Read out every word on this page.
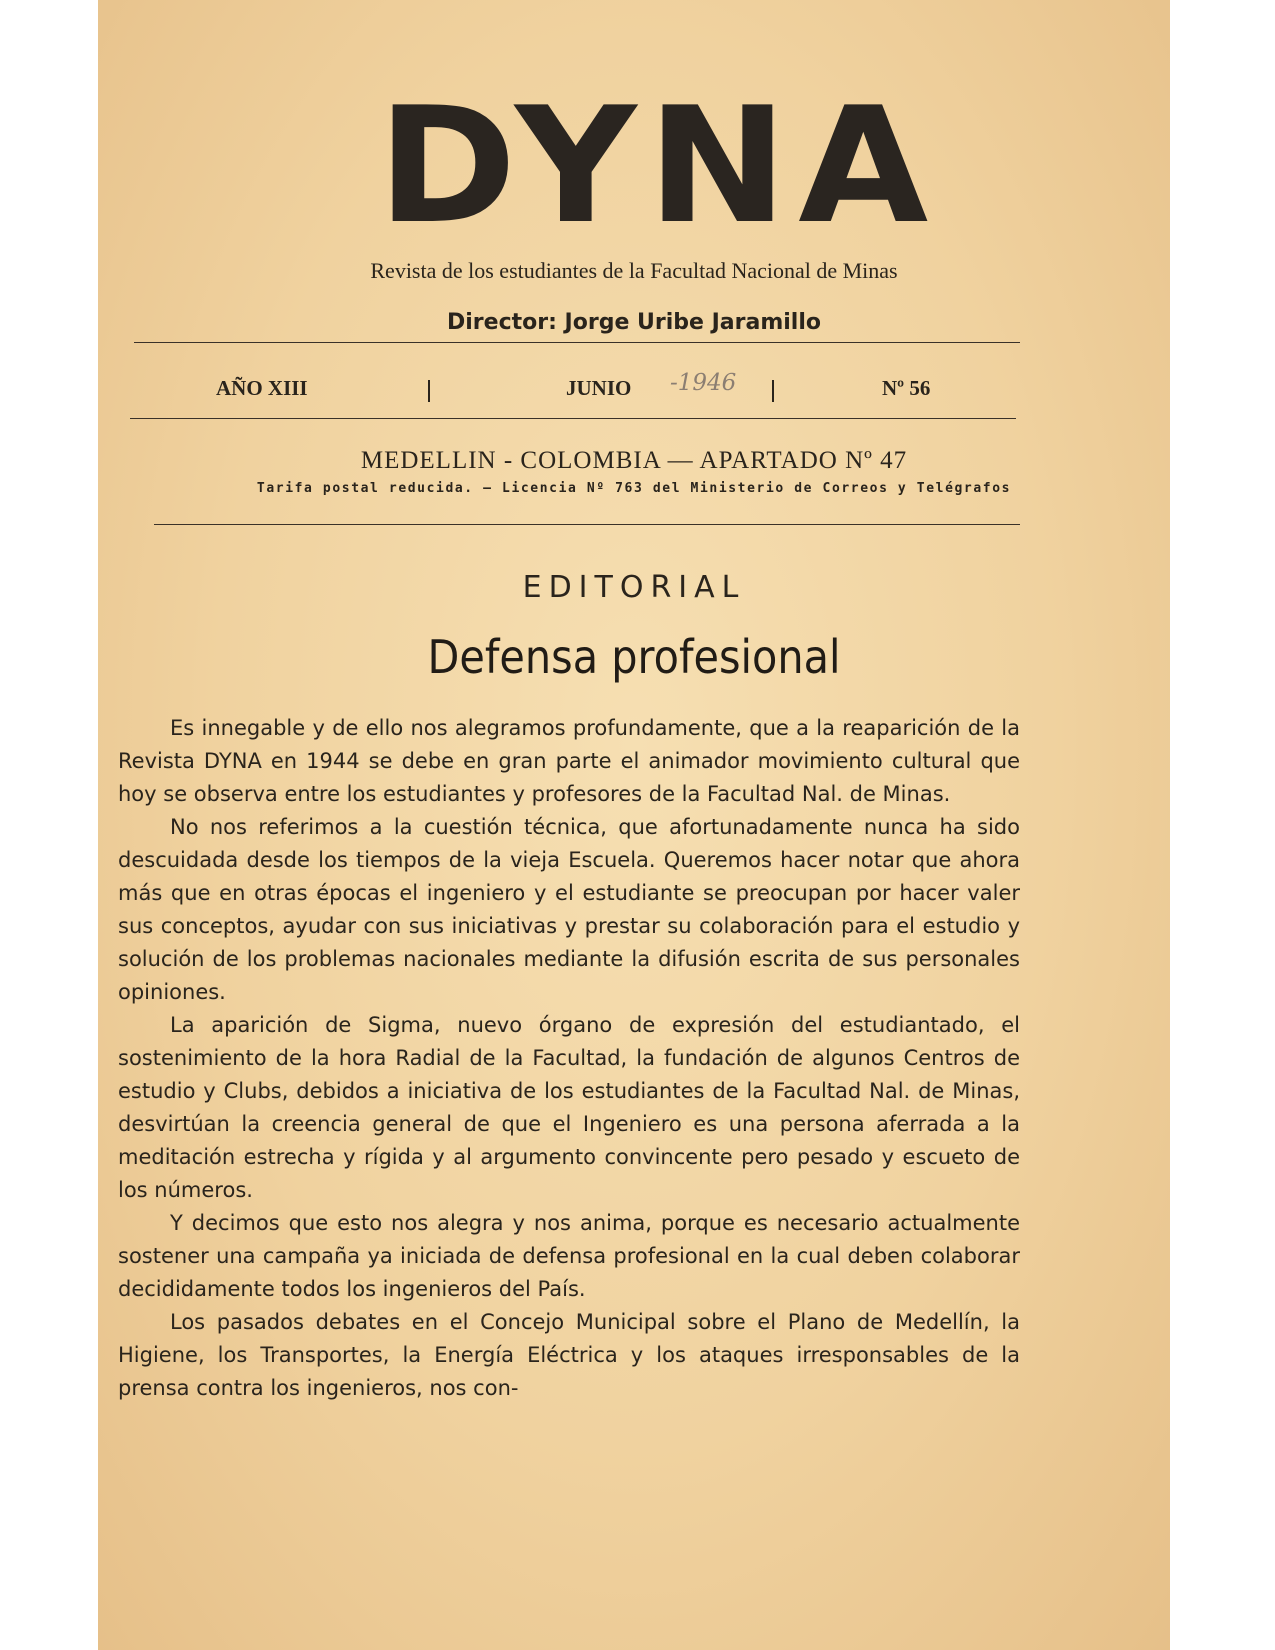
DYNA
Revista de los estudiantes de la Facultad Nacional de Minas
Director: Jorge Uribe Jaramillo
AÑO XIII	JUNIO -1946	Nº 56
MEDELLIN - COLOMBIA — APARTADO Nº 47
Tarifa postal reducida. — Licencia Nº 763 del Ministerio de Correos y Telégrafos
EDITORIAL
Defensa profesional

Es innegable y de ello nos alegramos profundamente, que a la reaparición de la Revista DYNA en 1944 se debe en gran parte el animador movimiento cultural que hoy se observa entre los estudiantes y profesores de la Facultad Nal. de Minas.

No nos referimos a la cuestión técnica, que afortunadamente nunca ha sido descuidada desde los tiempos de la vieja Escuela. Queremos hacer notar que ahora más que en otras épocas el ingeniero y el estudiante se preocupan por hacer valer sus conceptos, ayudar con sus iniciativas y prestar su colaboración para el estudio y solución de los problemas nacionales mediante la difusión escrita de sus personales opiniones.

La aparición de Sigma, nuevo órgano de expresión del estudiantado, el sostenimiento de la hora Radial de la Facultad, la fundación de algunos Centros de estudio y Clubs, debidos a iniciativa de los estudiantes de la Facultad Nal. de Minas, desvirtúan la creencia general de que el Ingeniero es una persona aferrada a la meditación estrecha y rígida y al argumento convincente pero pesado y escueto de los números.

Y decimos que esto nos alegra y nos anima, porque es necesario actualmente sostener una campaña ya iniciada de defensa profesional en la cual deben colaborar decididamente todos los ingenieros del País.

Los pasados debates en el Concejo Municipal sobre el Plano de Medellín, la Higiene, los Transportes, la Energía Eléctrica y los ataques irresponsables de la prensa contra los ingenieros, nos con-
